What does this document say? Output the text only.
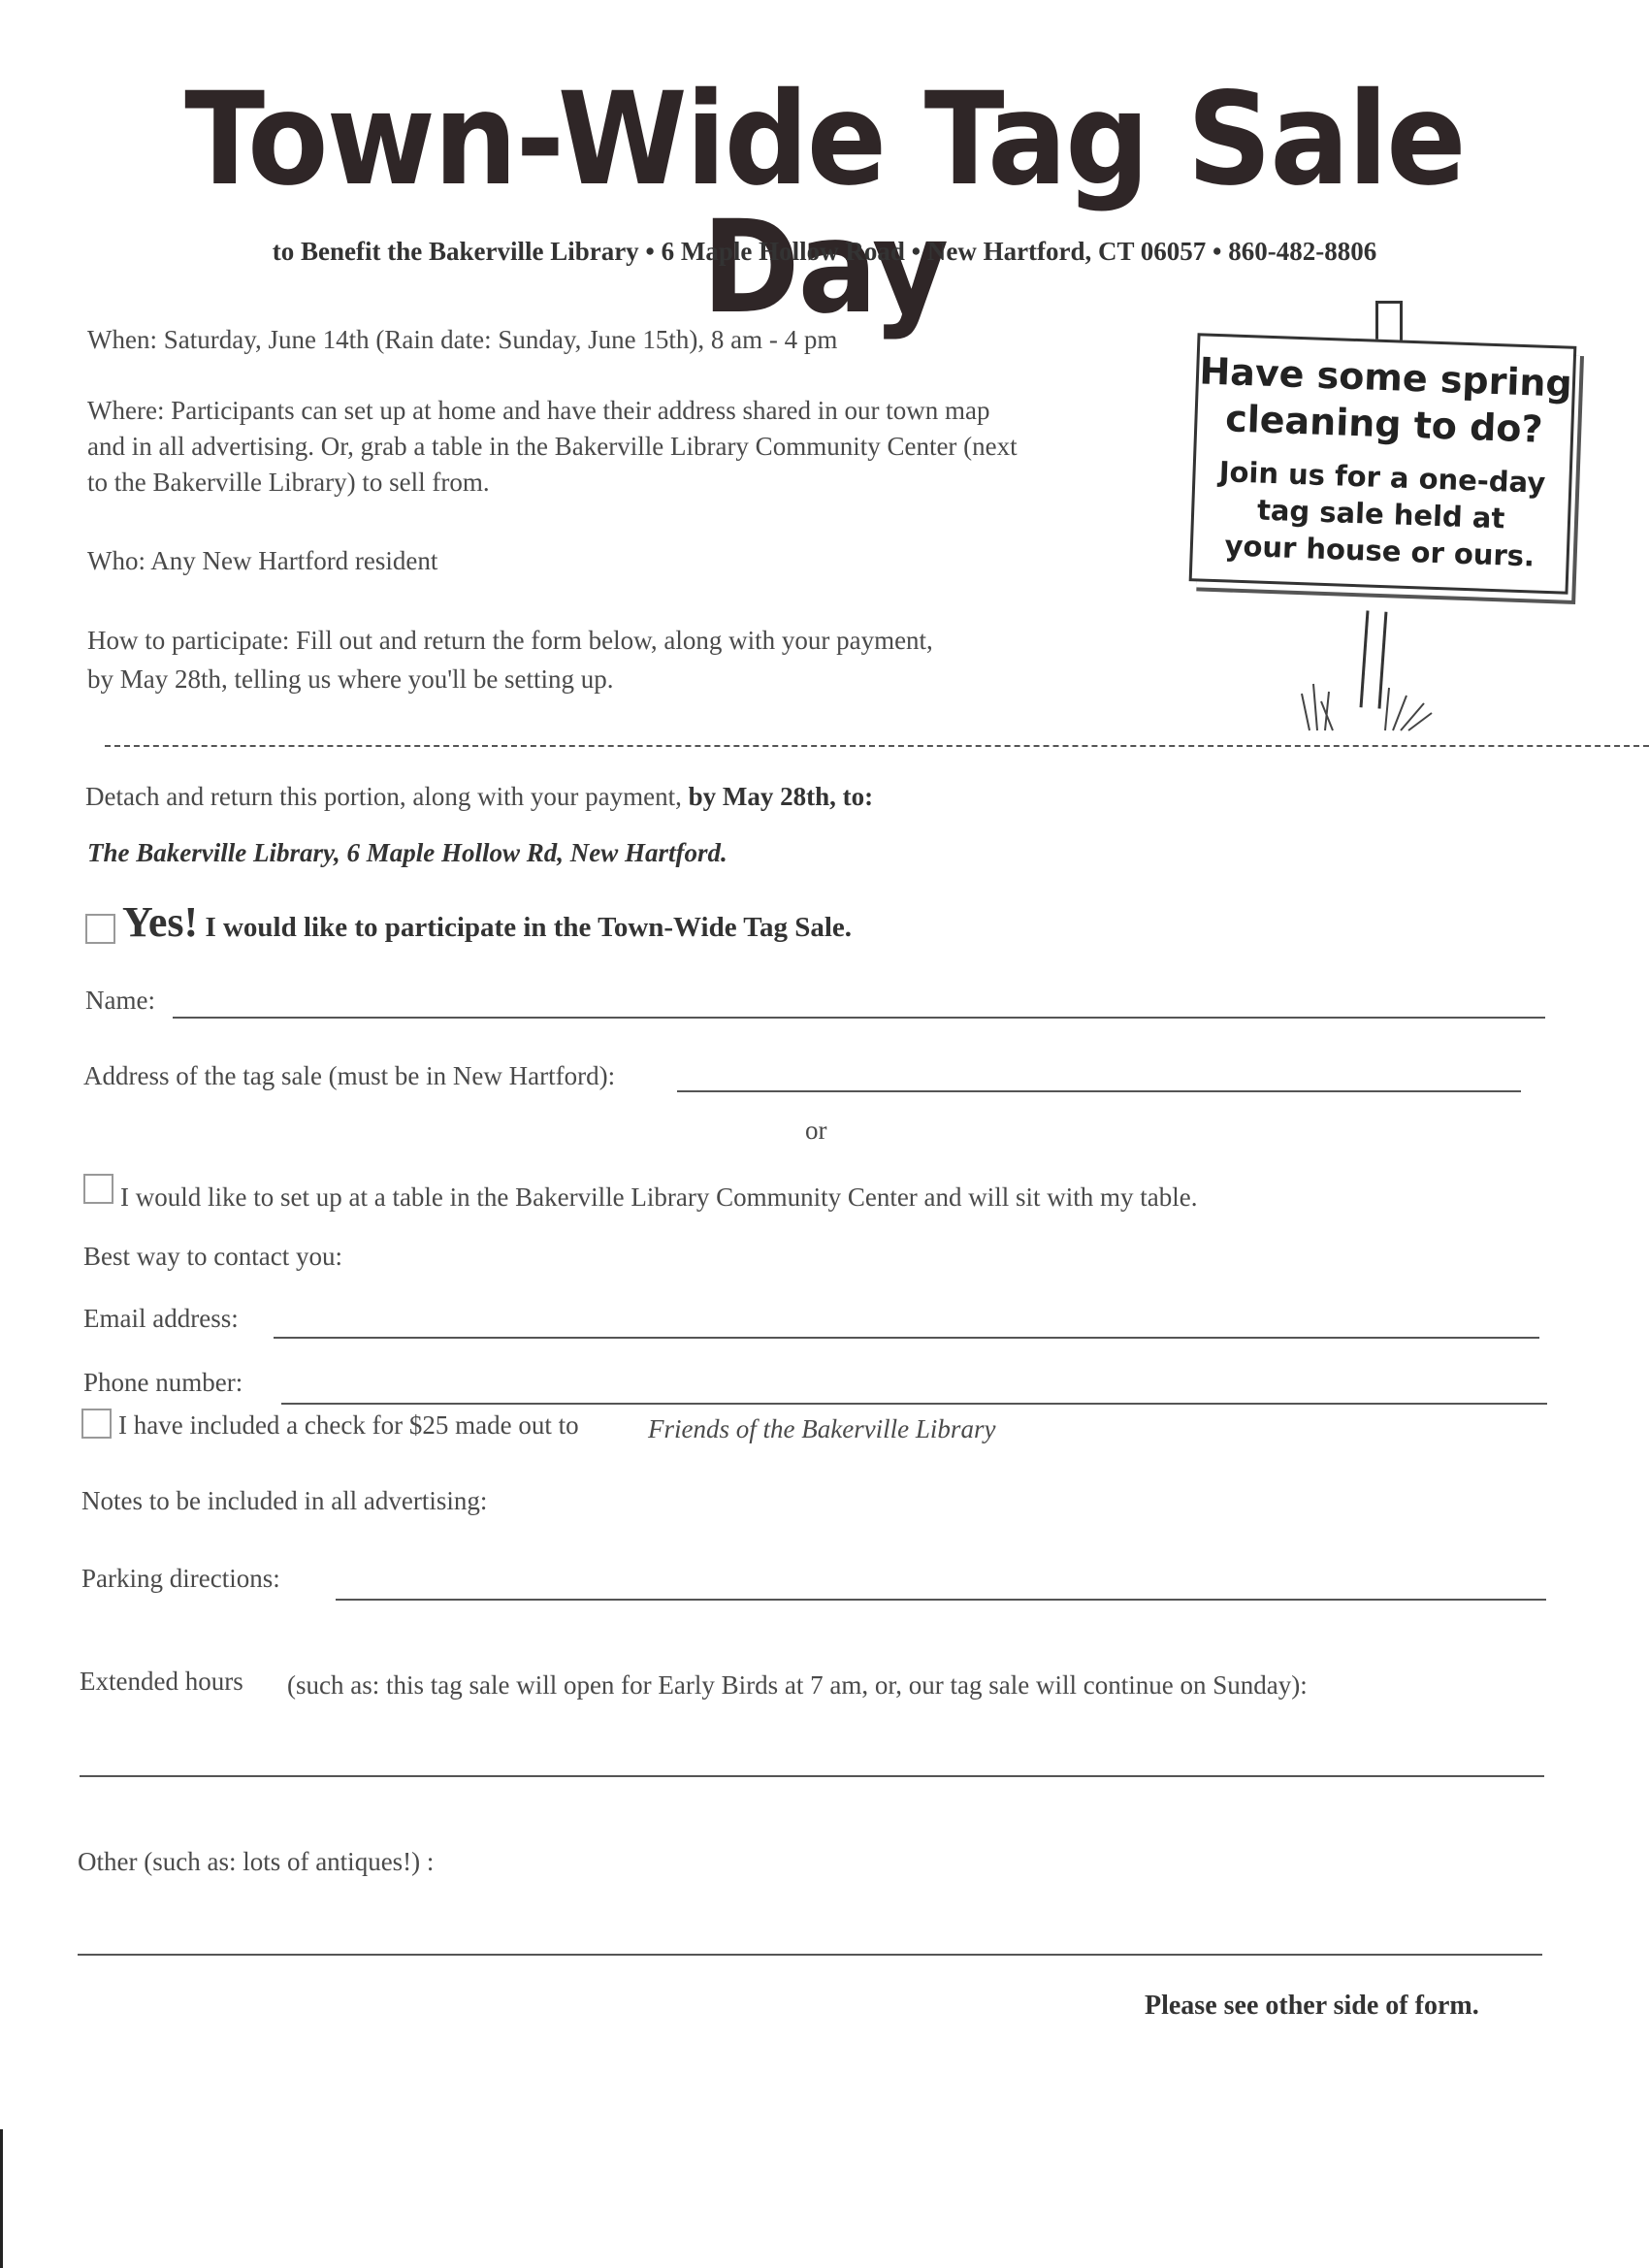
Town-Wide Tag Sale Day
to Benefit the Bakerville Library • 6 Maple Hollow Road • New Hartford, CT 06057 • 860-482-8806
When: Saturday, June 14th (Rain date: Sunday, June 15th), 8 am - 4 pm
Where: Participants can set up at home and have their address shared in our town map
and in all advertising. Or, grab a table in the Bakerville Library Community Center (next
to the Bakerville Library) to sell from.
Who: Any New Hartford resident
How to participate: Fill out and return the form below, along with your payment,
by May 28th, telling us where you'll be setting up.
Have some spring
cleaning to do?
Join us for a one-day
tag sale held at
your house or ours.
Detach and return this portion, along with your payment, by May 28th, to:
The Bakerville Library, 6 Maple Hollow Rd, New Hartford.
Yes! I would like to participate in the Town-Wide Tag Sale.
Name:
Address of the tag sale (must be in New Hartford):
or
I would like to set up at a table in the Bakerville Library Community Center and will sit with my table.
Best way to contact you:
Email address:
Phone number:
I have included a check for $25 made out to	Friends of the Bakerville Library
Notes to be included in all advertising:
Parking directions:
Extended hours (such as: this tag sale will open for Early Birds at 7 am, or, our tag sale will continue on Sunday):
Other (such as: lots of antiques!) :
Please see other side of form.
